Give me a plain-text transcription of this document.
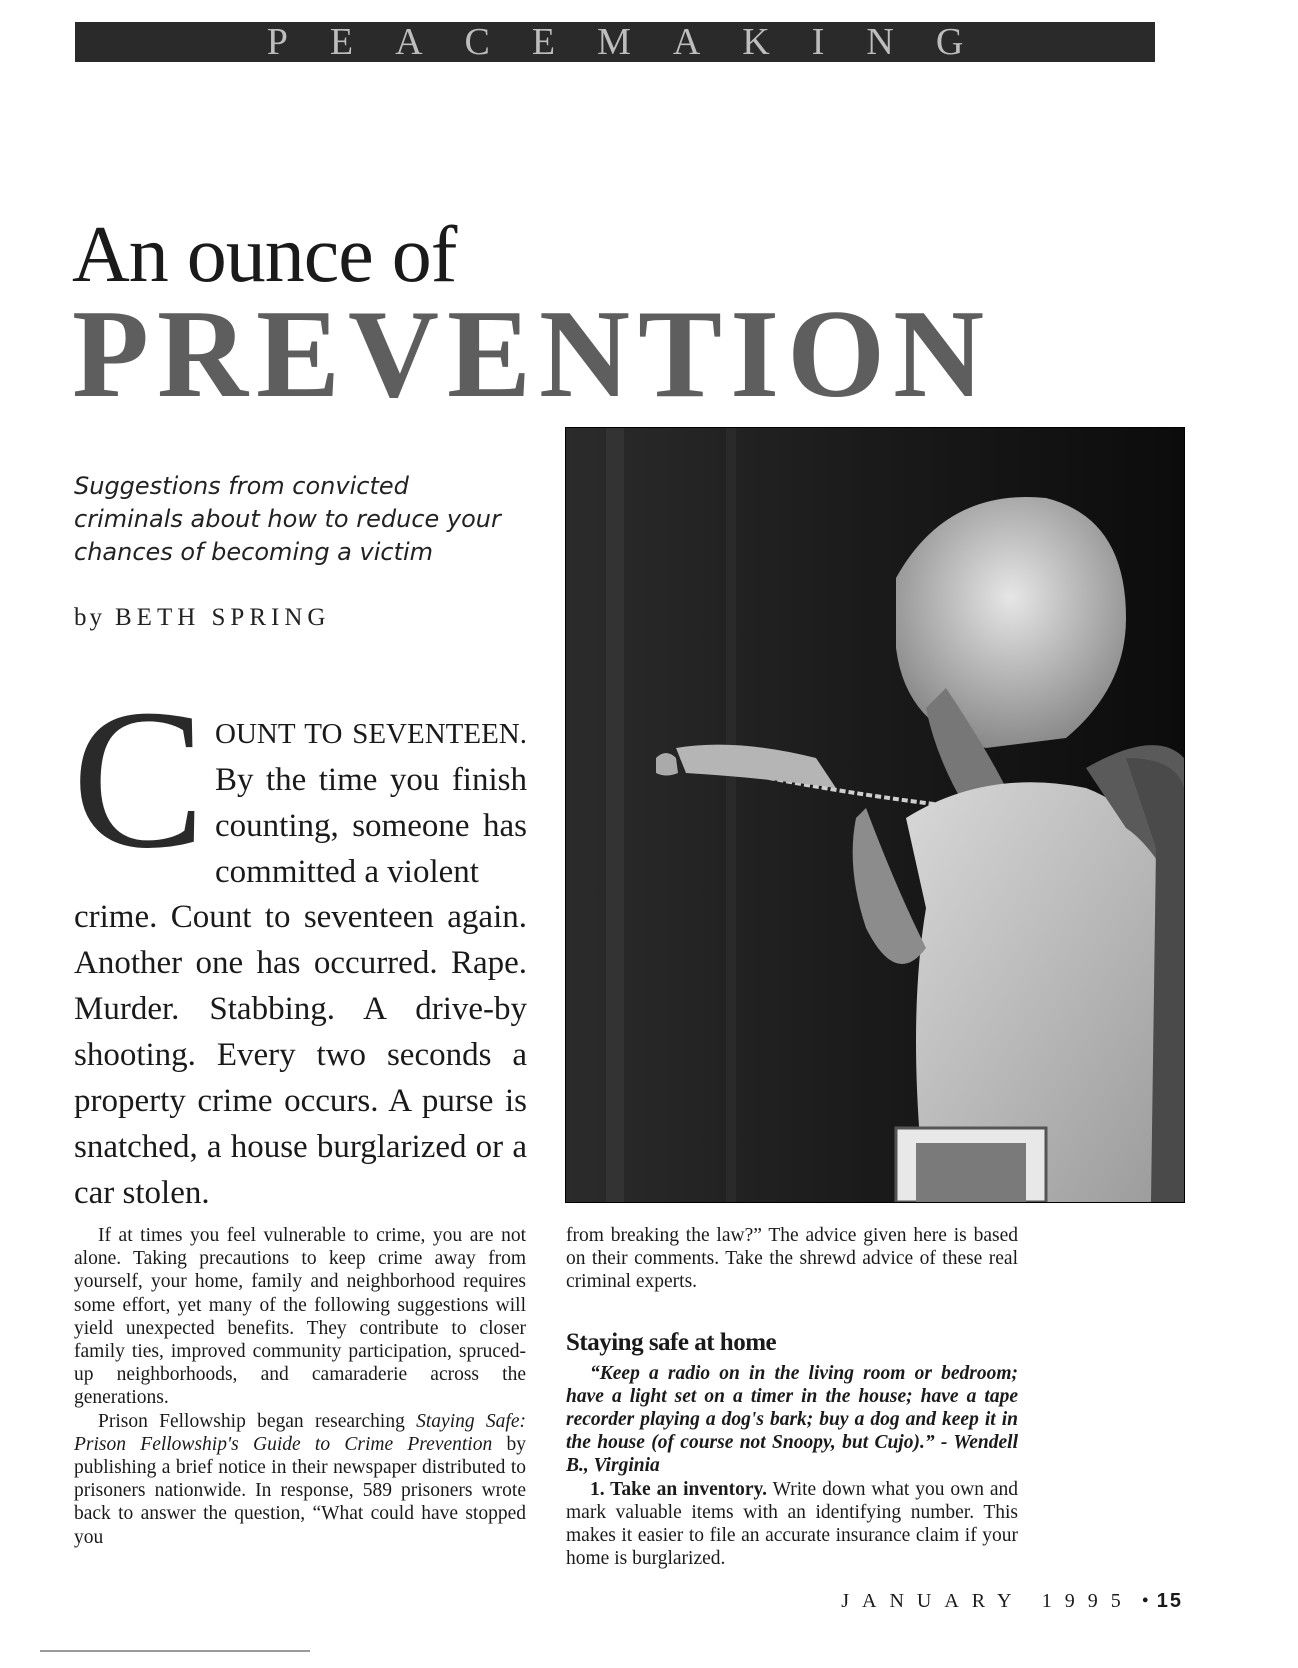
PEACEMAKING
An ounce of
PREVENTION
Suggestions from convicted criminals about how to reduce your chances of becoming a victim
by BETH SPRING
C OUNT TO SEVENTEEN. By the time you finish counting, someone has committed a violent
crime. Count to seventeen again. Another one has occurred. Rape. Murder. Stabbing. A drive-by shooting. Every two seconds a property crime occurs. A purse is snatched, a house burglarized or a car stolen.

If at times you feel vulnerable to crime, you are not alone. Taking precautions to keep crime away from yourself, your home, family and neighborhood requires some effort, yet many of the following suggestions will yield unexpected benefits. They contribute to closer family ties, improved community participation, spruced-up neighborhoods, and camaraderie across the generations.

Prison Fellowship began researching Staying Safe: Prison Fellowship's Guide to Crime Prevention by publishing a brief notice in their newspaper distributed to prisoners nationwide. In response, 589 prisoners wrote back to answer the question, “What could have stopped you

from breaking the law?” The advice given here is based on their comments. Take the shrewd advice of these real criminal experts.

Staying safe at home

“Keep a radio on in the living room or bedroom; have a light set on a timer in the house; have a tape recorder playing a dog's bark; buy a dog and keep it in the house (of course not Snoopy, but Cujo).” - Wendell B., Virginia

1. Take an inventory. Write down what you own and mark valuable items with an identifying number. This makes it easier to file an accurate insurance claim if your home is burglarized.

JANUARY 1995 • 15
